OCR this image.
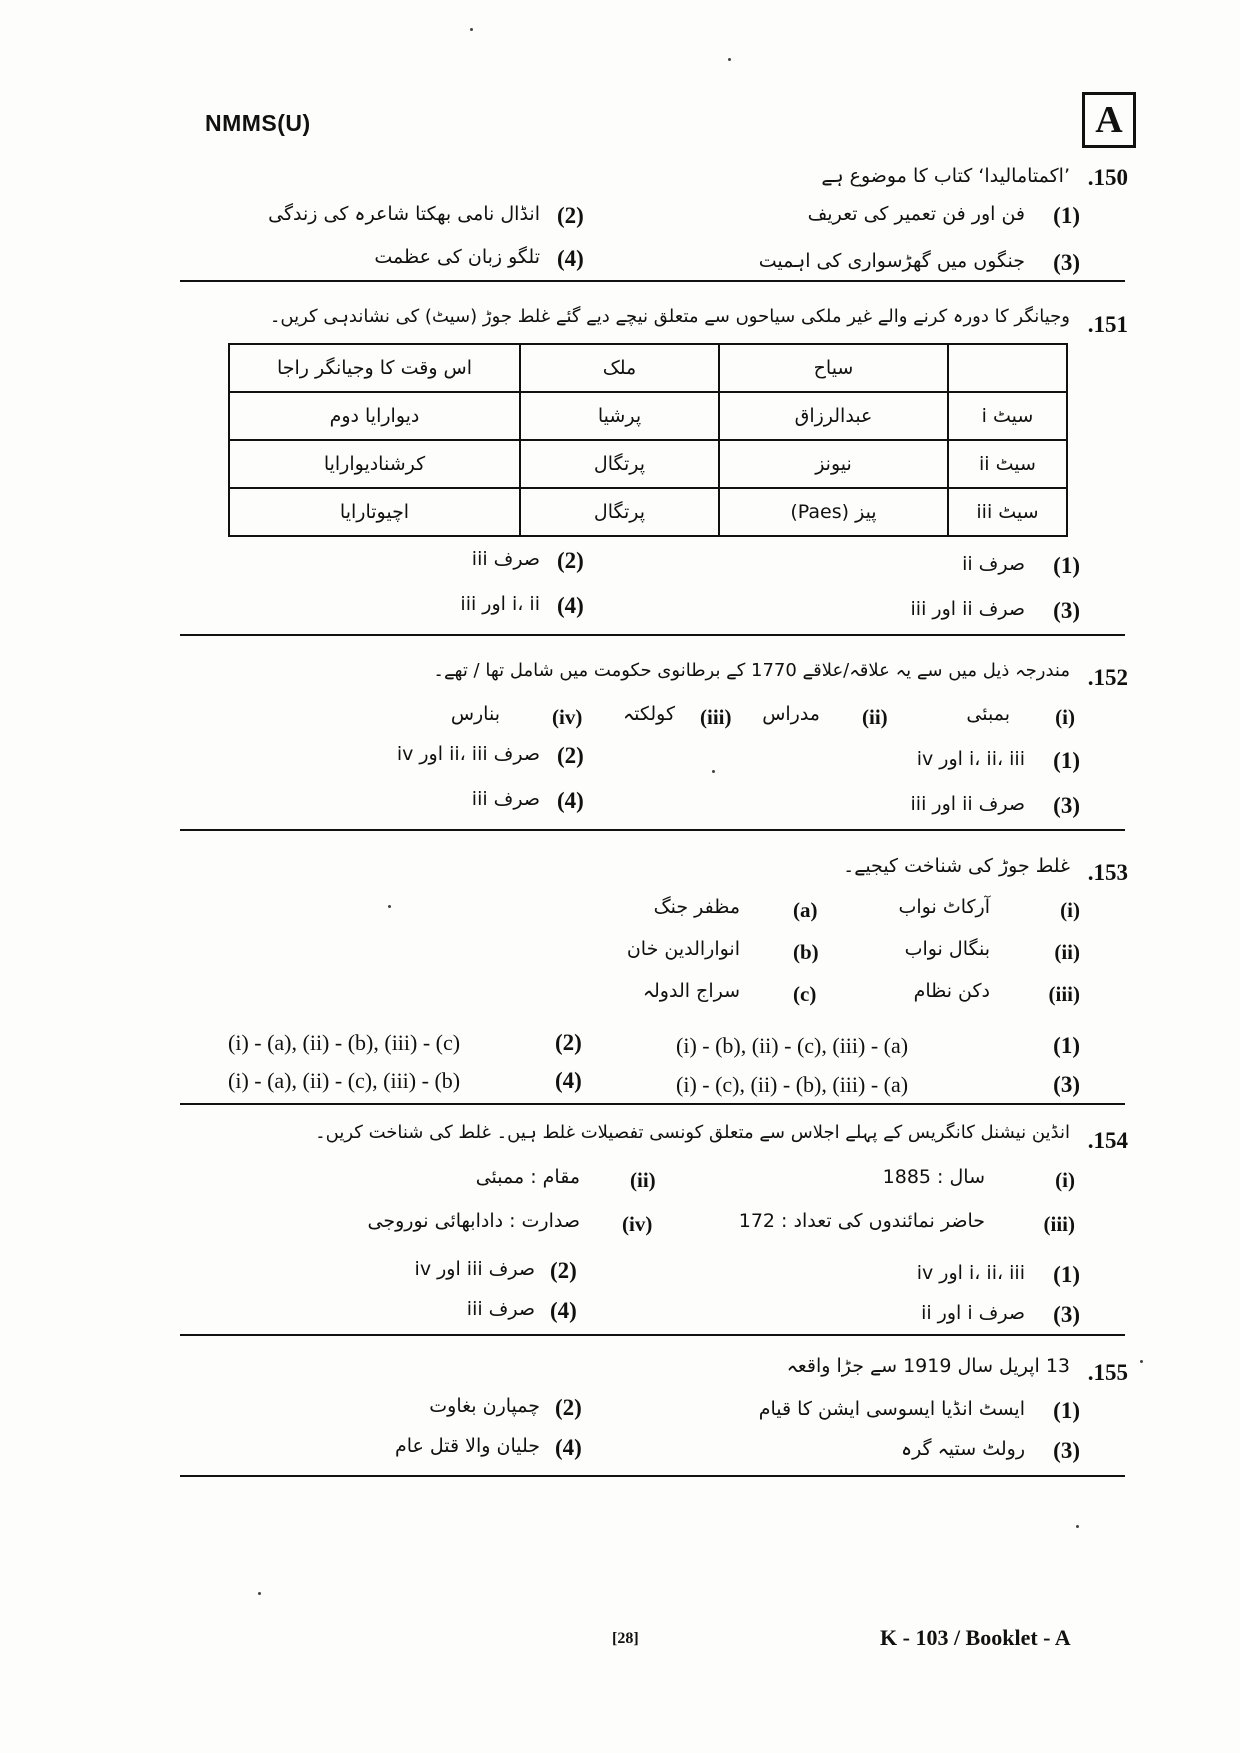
NMMS(U)	A
.150
’اکمتامالیدا‘ کتاب کا موضوع ہے
(1)
فن اور فن تعمیر کی تعریف
(2)
انڈال نامی بھکتا شاعرہ کی زندگی
(3)
جنگوں میں گھڑسواری کی اہمیت
(4)
تلگو زبان کی عظمت
.151
وجیانگر کا دورہ کرنے والے غیر ملکی سیاحوں سے متعلق نیچے دیے گئے غلط جوڑ (سیٹ) کی نشاندہی کریں۔
	سیاح	ملک	اس وقت کا وجیانگر راجا
سیٹ i	عبدالرزاق	پرشیا	دیوارایا دوم
سیٹ ii	نیونز	پرتگال	کرشنادیوارایا
سیٹ iii	پیز (Paes)	پرتگال	اچیوتارایا
(1)
صرف ii
(2)
صرف iii
(3)
صرف ii اور iii
(4)
i، ii اور iii
.152
مندرجہ ذیل میں سے یہ علاقہ/علاقے 1770 کے برطانوی حکومت میں شامل تھا / تھے۔
(i)
بمبئی
(ii)
مدراس
(iii)
کولکتہ
(iv)
بنارس
(1)
i، ii، iii اور iv
(2)
صرف ii، iii اور iv
(3)
صرف ii اور iii
(4)
صرف iii
.153
غلط جوڑ کی شناخت کیجیے۔
(i)
آرکاٹ نواب
(a)
مظفر جنگ
(ii)
بنگال نواب
(b)
انوارالدین خان
(iii)
دکن نظام
(c)
سراج الدولہ
(1)
(i) - (b), (ii) - (c), (iii) - (a)
(2)
(i) - (a), (ii) - (b), (iii) - (c)
(3)
(i) - (c), (ii) - (b), (iii) - (a)
(4)
(i) - (a), (ii) - (c), (iii) - (b)
.154
انڈین نیشنل کانگریس کے پہلے اجلاس سے متعلق کونسی تفصیلات غلط ہیں۔ غلط کی شناخت کریں۔
(i)
سال : 1885
(ii)
مقام : ممبئی
(iii)
حاضر نمائندوں کی تعداد : 172
(iv)
صدارت : دادابھائی نوروجی
(1)
i، ii، iii اور iv
(2)
صرف iii اور iv
(3)
صرف i اور ii
(4)
صرف iii
.155
13 اپریل سال 1919 سے جڑا واقعہ
(1)
ایسٹ انڈیا ایسوسی ایشن کا قیام
(2)
چمپارن بغاوت
(3)
رولٹ ستیہ گرہ
(4)
جلیان والا قتل عام
[28]	K - 103 / Booklet - A
